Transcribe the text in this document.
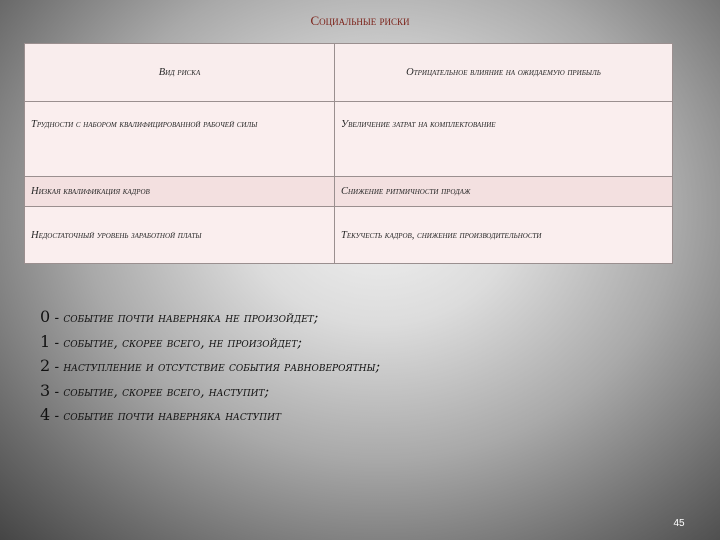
Социальные риски
Вид риска	Отрицательное влияние на ожидаемую прибыль
Трудности с набором квалифицированной рабочей силы	Увеличение затрат на комплектование
Низкая квалификация кадров	Снижение ритмичности продаж
Недостаточный уровень заработной платы	Текучесть кадров, снижение производительности
0 - событие почти наверняка не произойдет;
1 - событие, скорее всего, не произойдет;
2 - наступление и отсутствие события равновероятны;
3 - событие, скорее всего, наступит;
4 - событие почти наверняка наступит
45
